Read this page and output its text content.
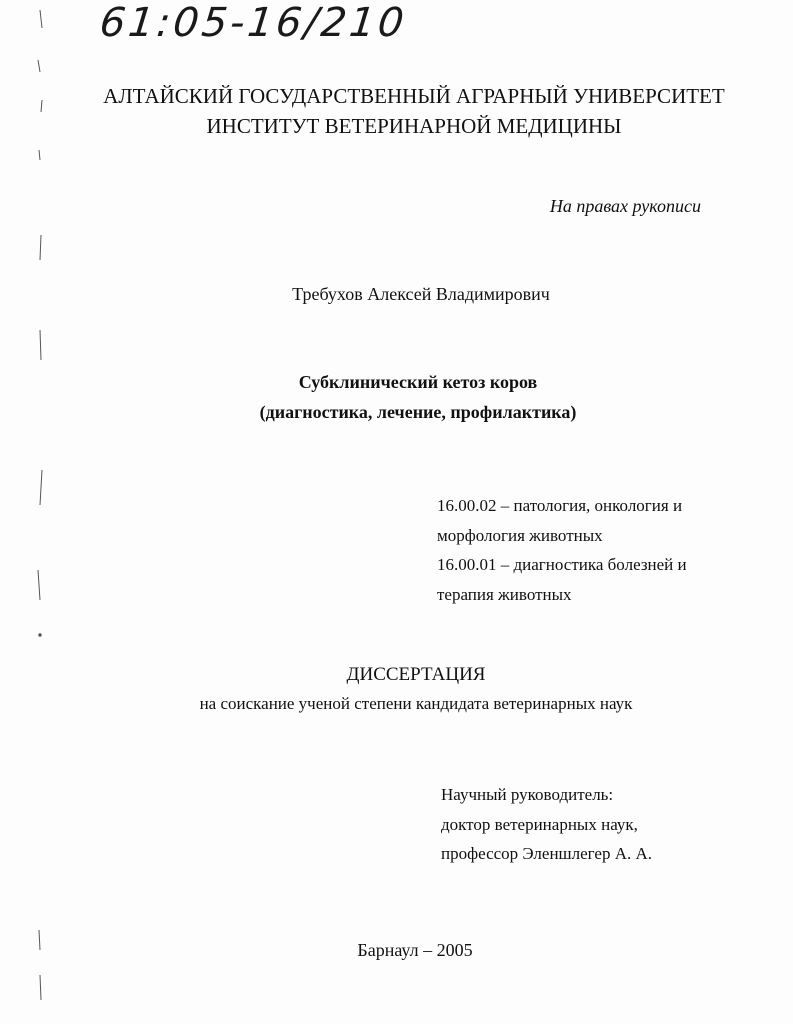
61:05-16/210
АЛТАЙСКИЙ ГОСУДАРСТВЕННЫЙ АГРАРНЫЙ УНИВЕРСИТЕТ
ИНСТИТУТ ВЕТЕРИНАРНОЙ МЕДИЦИНЫ
На правах рукописи
Требухов Алексей Владимирович
Субклинический кетоз коров
(диагностика, лечение, профилактика)
16.00.02 – патология, онкология и
морфология животных
16.00.01 – диагностика болезней и
терапия животных
ДИССЕРТАЦИЯ
на соискание ученой степени кандидата ветеринарных наук
Научный руководитель:
доктор ветеринарных наук,
профессор Эленшлегер А. А.
Барнаул – 2005
